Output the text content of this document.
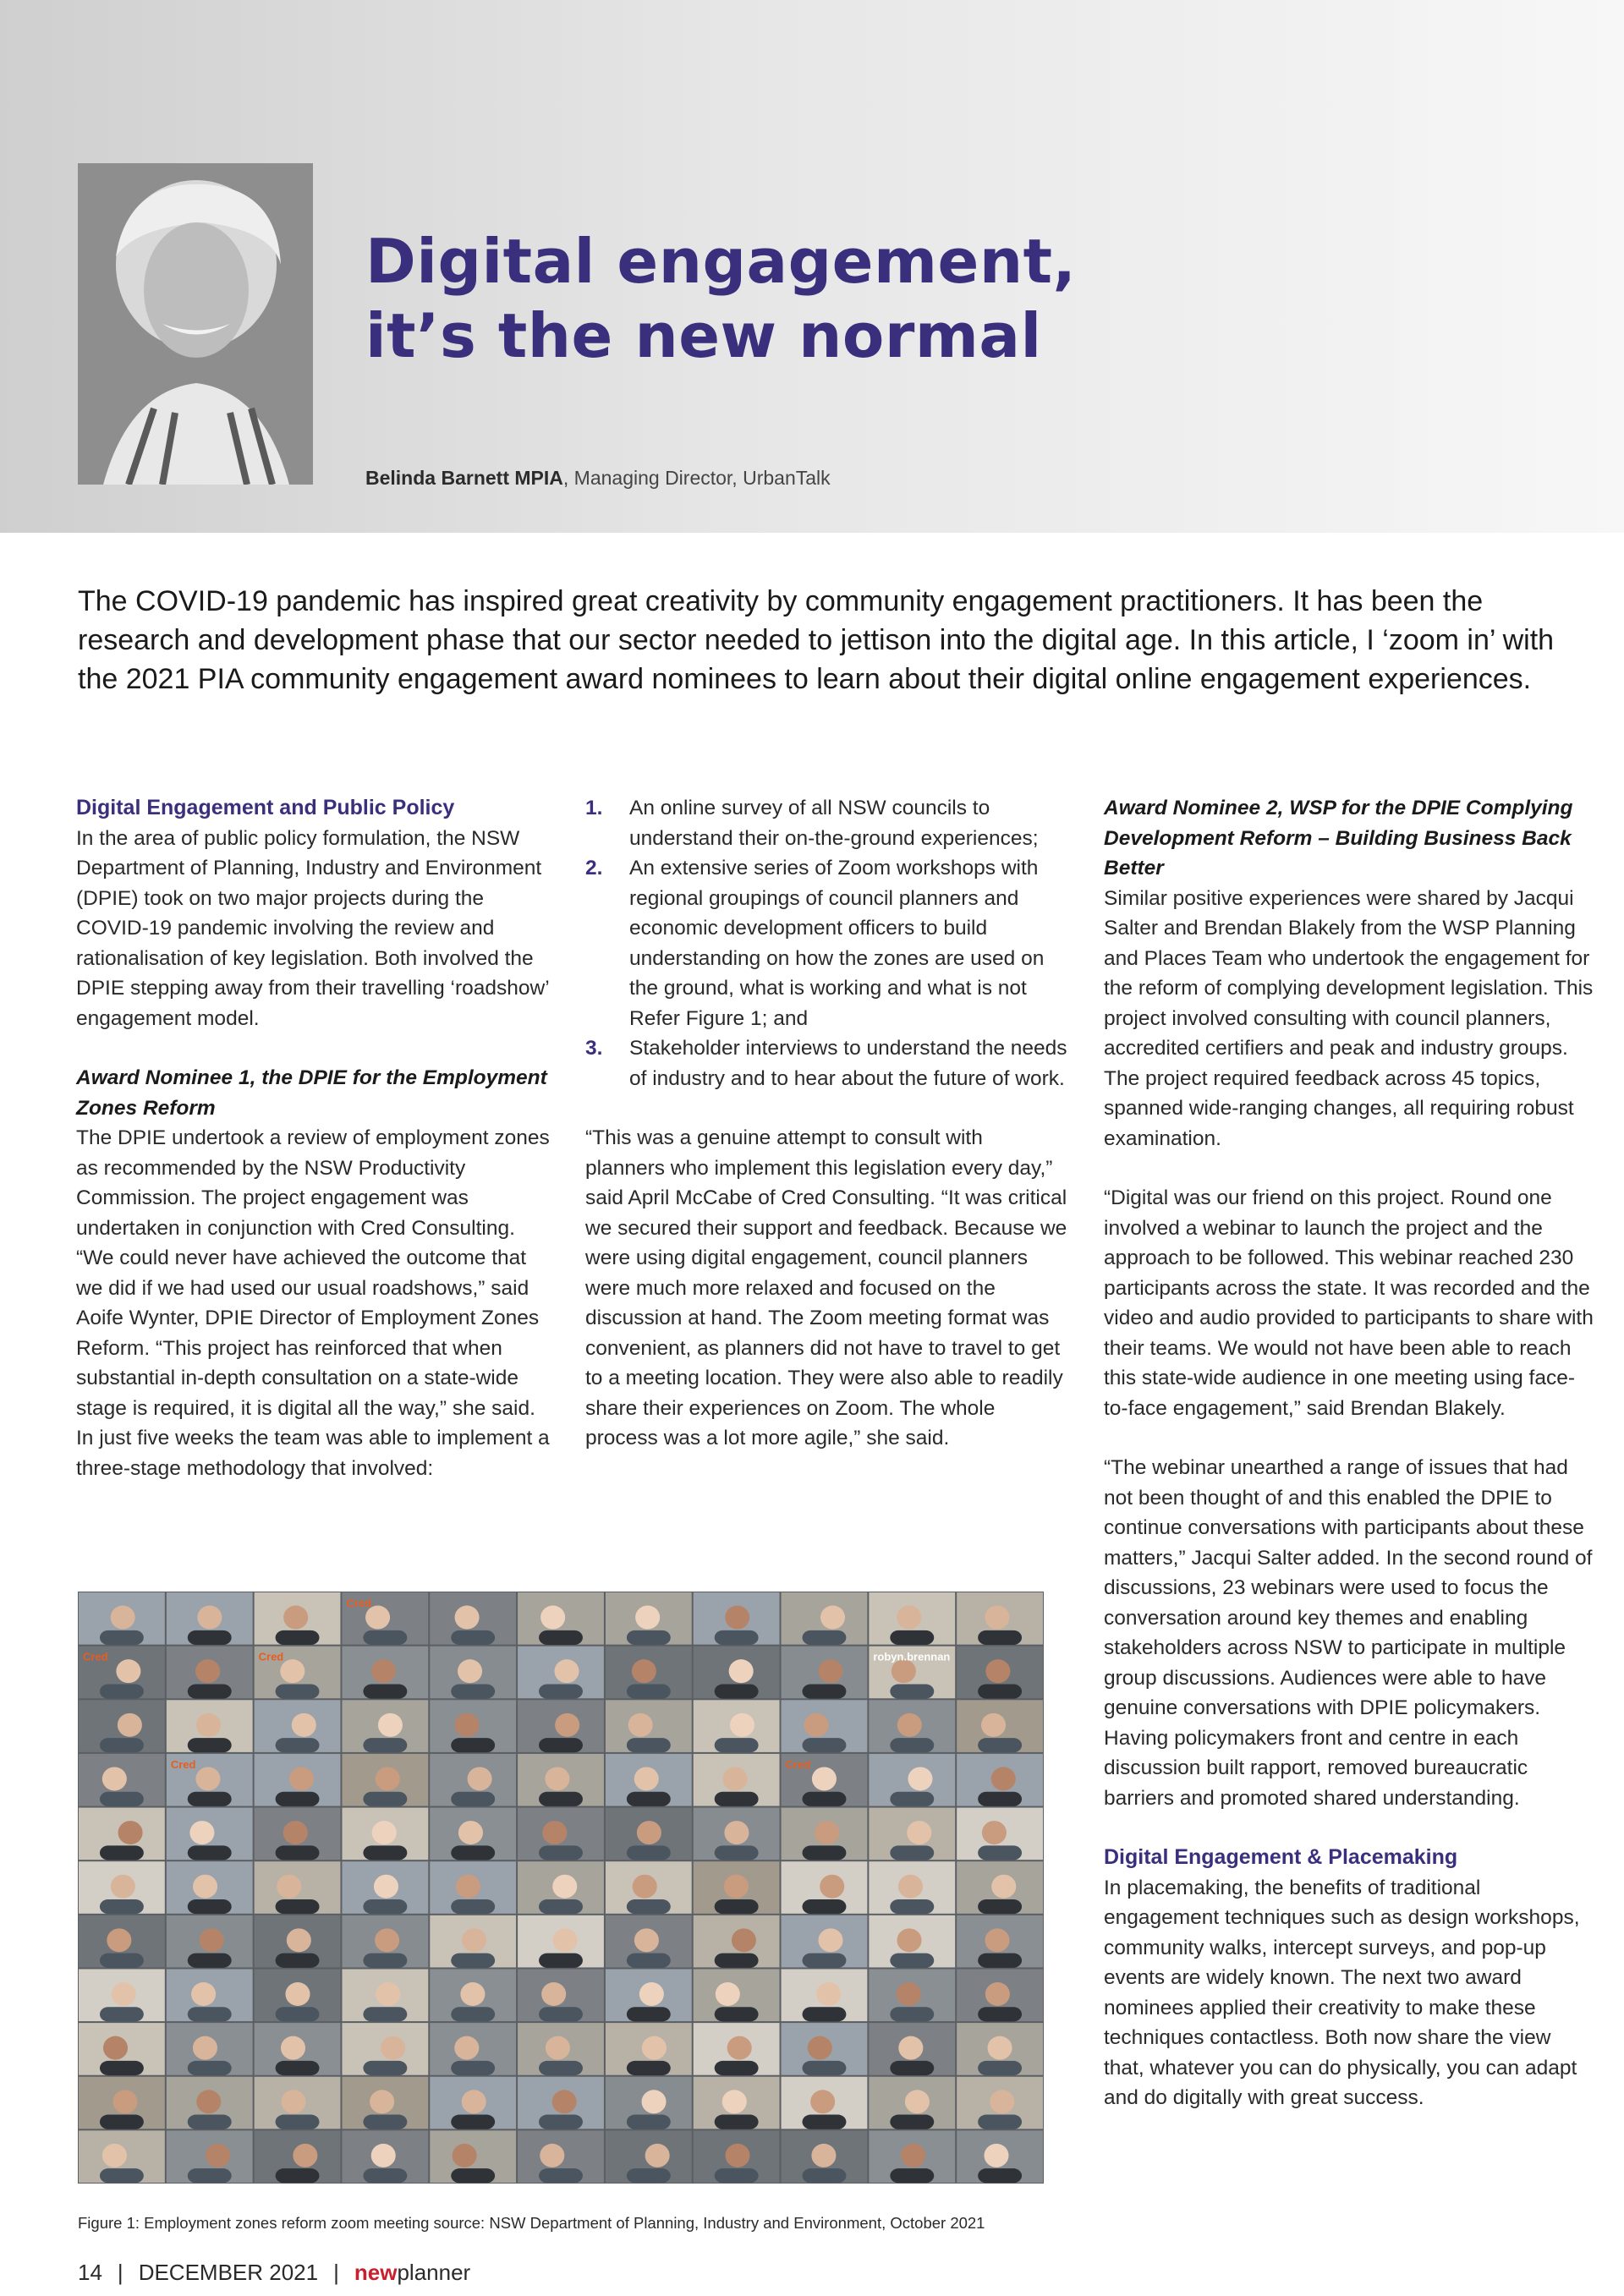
Digital engagement,
it’s the new normal
Belinda Barnett MPIA, Managing Director, UrbanTalk

The COVID-19 pandemic has inspired great creativity by community engagement practitioners. It has been the research and development phase that our sector needed to jettison into the digital age. In this article, I ‘zoom in’ with the 2021 PIA community engagement award nominees to learn about their digital online engagement experiences.

Digital Engagement and Public Policy

In the area of public policy formulation, the NSW Department of Planning, Industry and Environment (DPIE) took on two major projects during the COVID-19 pandemic involving the review and rationalisation of key legislation. Both involved the DPIE stepping away from their travelling ‘roadshow’ engagement model.

Award Nominee 1, the DPIE for the Employment Zones Reform

The DPIE undertook a review of employment zones as recommended by the NSW Productivity Commission. The project engagement was undertaken in conjunction with Cred Consulting. “We could never have achieved the outcome that we did if we had used our usual roadshows,” said Aoife Wynter, DPIE Director of Employment Zones Reform. “This project has reinforced that when substantial in-depth consultation on a state-wide stage is required, it is digital all the way,” she said. In just five weeks the team was able to implement a three-stage methodology that involved:

1. An online survey of all NSW councils to understand their on-the-ground experiences;
2. An extensive series of Zoom workshops with regional groupings of council planners and economic development officers to build understanding on how the zones are used on the ground, what is working and what is not Refer Figure 1; and
3. Stakeholder interviews to understand the needs of industry and to hear about the future of work.

“This was a genuine attempt to consult with planners who implement this legislation every day,” said April McCabe of Cred Consulting. “It was critical we secured their support and feedback. Because we were using digital engagement, council planners were much more relaxed and focused on the discussion at hand. The Zoom meeting format was convenient, as planners did not have to travel to get to a meeting location. They were also able to readily share their experiences on Zoom. The whole process was a lot more agile,” she said.

Award Nominee 2, WSP for the DPIE Complying Development Reform – Building Business Back Better

Similar positive experiences were shared by Jacqui Salter and Brendan Blakely from the WSP Planning and Places Team who undertook the engagement for the reform of complying development legislation. This project involved consulting with council planners, accredited certifiers and peak and industry groups. The project required feedback across 45 topics, spanned wide-ranging changes, all requiring robust examination.

“Digital was our friend on this project. Round one involved a webinar to launch the project and the approach to be followed. This webinar reached 230 participants across the state. It was recorded and the video and audio provided to participants to share with their teams. We would not have been able to reach this state-wide audience in one meeting using face-to-face engagement,” said Brendan Blakely.

“The webinar unearthed a range of issues that had not been thought of and this enabled the DPIE to continue conversations with participants about these matters,” Jacqui Salter added. In the second round of discussions, 23 webinars were used to focus the conversation around key themes and enabling stakeholders across NSW to participate in multiple group discussions. Audiences were able to have genuine conversations with DPIE policymakers. Having policymakers front and centre in each discussion built rapport, removed bureaucratic barriers and promoted shared understanding.

Digital Engagement & Placemaking

In placemaking, the benefits of traditional engagement techniques such as design workshops, community walks, intercept surveys, and pop-up events are widely known. The next two award nominees applied their creativity to make these techniques contactless. Both now share the view that, whatever you can do physically, you can adapt and do digitally with great success.

Cred	Cred
Cred
Cred
Cred
robyn.brennan
Figure 1: Employment zones reform zoom meeting source: NSW Department of Planning, Industry and Environment, October 2021
14 | DECEMBER 2021 | newplanner
